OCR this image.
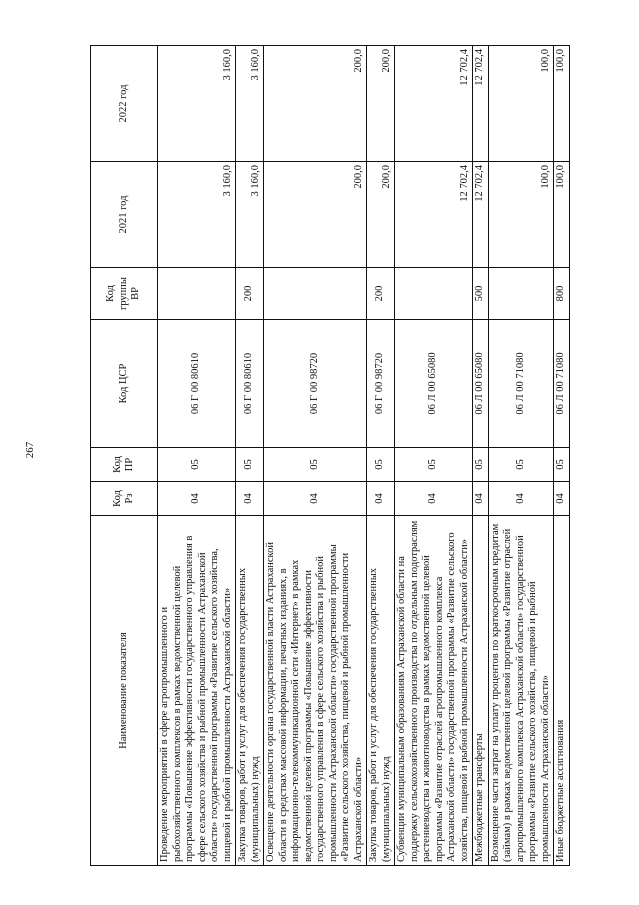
267
Наименование показателя	Код Рз	Код ПР	Код ЦСР	Код группы ВР	2021 год	2022 год
Проведение мероприятий в сфере агропромышленного и рыбохозяйственного комплексов в рамках ведомственной целевой программы «Повышение эффективности государственного управления в сфере сельского хозяйства и рыбной промышленности Астраханской области» государственной программы «Развитие сельского хозяйства, пищевой и рыбной промышленности Астраханской области»	04	05	06 Г 00 80610		3 160,0	3 160,0
Закупка товаров, работ и услуг для обеспечения государственных (муниципальных) нужд	04	05	06 Г 00 80610	200	3 160,0	3 160,0
Освещение деятельности органа государственной власти Астраханской области в средствах массовой информации, печатных изданиях, в информационно-телекоммуникационной сети «Интернет» в рамках ведомственной целевой программы «Повышение эффективности государственного управления в сфере сельского хозяйства и рыбной промышленности Астраханской области» государственной программы «Развитие сельского хозяйства, пищевой и рыбной промышленности Астраханской области»	04	05	06 Г 00 98720		200,0	200,0
Закупка товаров, работ и услуг для обеспечения государственных (муниципальных) нужд	04	05	06 Г 00 98720	200	200,0	200,0
Субвенции муниципальным образованиям Астраханской области на поддержку сельскохозяйственного производства по отдельным подотраслям растениеводства и животноводства в рамках ведомственной целевой программы «Развитие отраслей агропромышленного комплекса Астраханской области» государственной программы «Развитие сельского хозяйства, пищевой и рыбной промышленности Астраханской области»	04	05	06 Л 00 65080		12 702,4	12 702,4
Межбюджетные трансферты	04	05	06 Л 00 65080	500	12 702,4	12 702,4
Возмещение части затрат на уплату процентов по краткосрочным кредитам (займам) в рамках ведомственной целевой программы «Развитие отраслей агропромышленного комплекса Астраханской области» государственной программы «Развитие сельского хозяйства, пищевой и рыбной промышленности Астраханской области»	04	05	06 Л 00 71080		100,0	100,0
Иные бюджетные ассигнования	04	05	06 Л 00 71080	800	100,0	100,0
